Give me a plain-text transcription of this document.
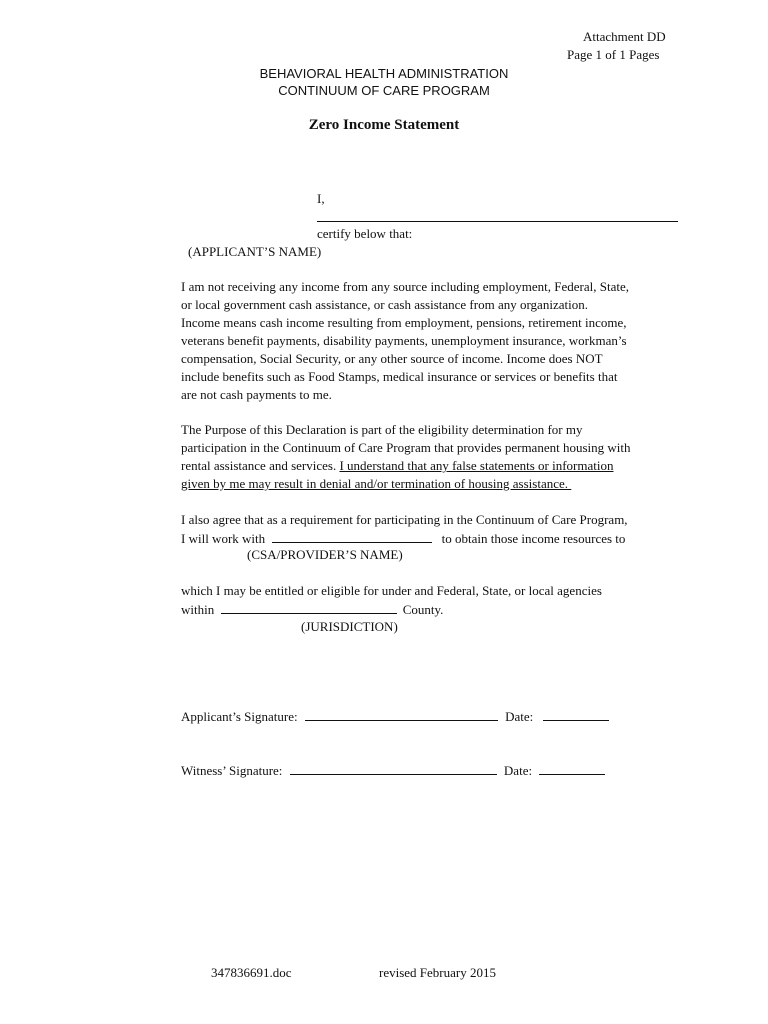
Attachment DD
Page 1 of 1 Pages
BEHAVIORAL HEALTH ADMINISTRATION
CONTINUUM OF CARE PROGRAM
Zero Income Statement
I,
certify below that:
(APPLICANT’S NAME)

I am not receiving any income from any source including employment, Federal, State,

or local government cash assistance, or cash assistance from any organization.

Income means cash income resulting from employment, pensions, retirement income,

veterans benefit payments, disability payments, unemployment insurance, workman’s

compensation, Social Security, or any other source of income. Income does NOT

include benefits such as Food Stamps, medical insurance or services or benefits that

are not cash payments to me.

The Purpose of this Declaration is part of the eligibility determination for my

participation in the Continuum of Care Program that provides permanent housing with

rental assistance and services. I understand that any false statements or information

given by me may result in denial and/or termination of housing assistance.

I also agree that as a requirement for participating in the Continuum of Care Program,
I will work with	to obtain those income resources to
(CSA/PROVIDER’S NAME)
which I may be entitled or eligible for under and Federal, State, or local agencies
within	County.
(JURISDICTION)
Applicant’s Signature:	Date:
Witness’ Signature:	Date:
347836691.doc	revised February 2015
